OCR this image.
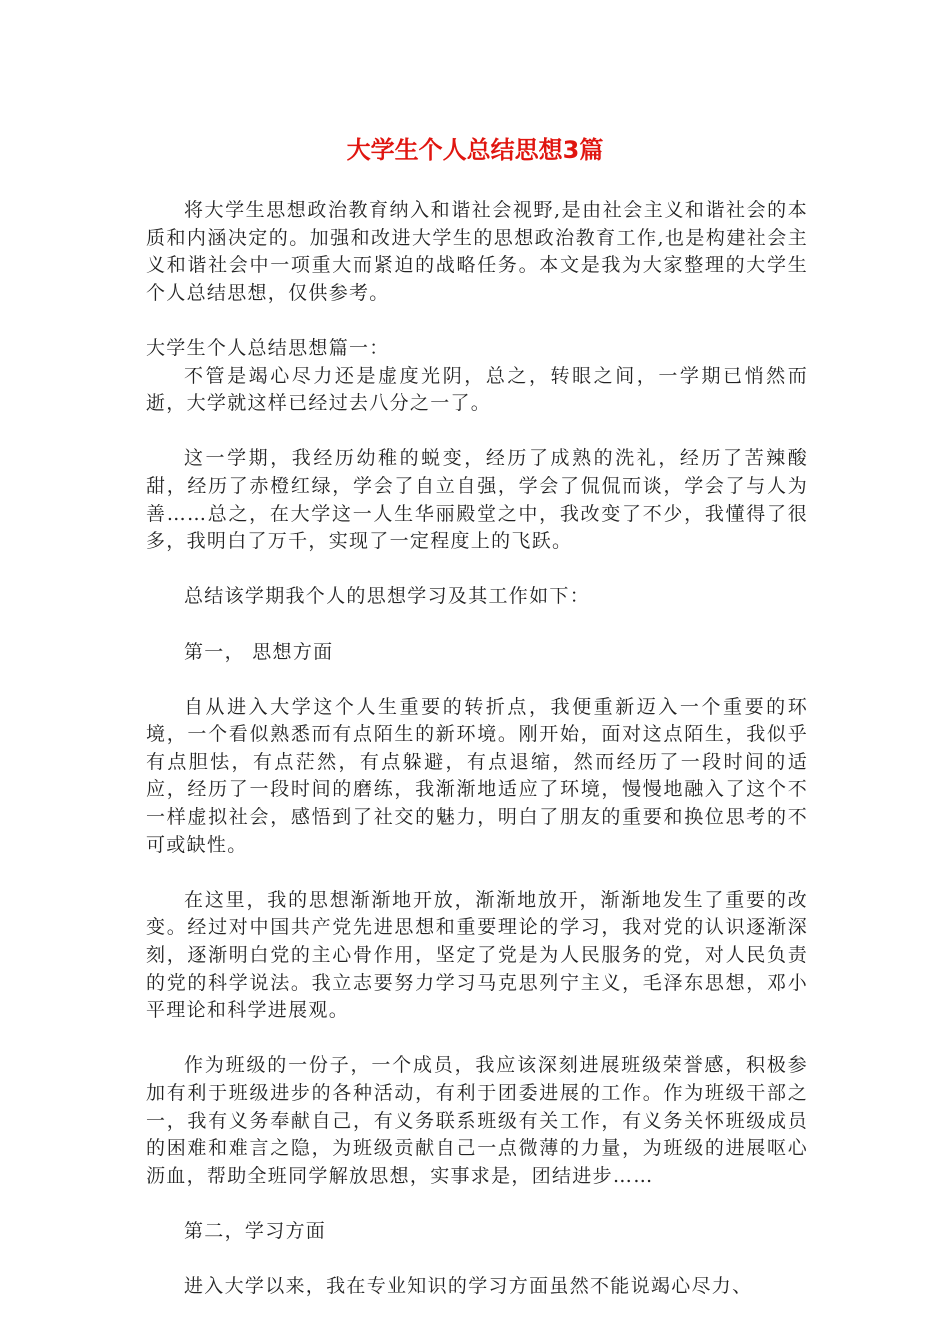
大学生个人总结思想3篇

将大学生思想政治教育纳入和谐社会视野,是由社会主义和谐社会的本质和内涵决定的。加强和改进大学生的思想政治教育工作,也是构建社会主义和谐社会中一项重大而紧迫的战略任务。本文是我为大家整理的大学生个人总结思想，仅供参考。

大学生个人总结思想篇一：

不管是竭心尽力还是虚度光阴，总之，转眼之间，一学期已悄然而逝，大学就这样已经过去八分之一了。

这一学期，我经历幼稚的蜕变，经历了成熟的洗礼，经历了苦辣酸甜，经历了赤橙红绿，学会了自立自强，学会了侃侃而谈，学会了与人为善……总之，在大学这一人生华丽殿堂之中，我改变了不少，我懂得了很多，我明白了万千，实现了一定程度上的飞跃。

总结该学期我个人的思想学习及其工作如下：

第一， 思想方面

自从进入大学这个人生重要的转折点，我便重新迈入一个重要的环境，一个看似熟悉而有点陌生的新环境。刚开始，面对这点陌生，我似乎有点胆怯，有点茫然，有点躲避，有点退缩，然而经历了一段时间的适应，经历了一段时间的磨练，我渐渐地适应了环境，慢慢地融入了这个不一样虚拟社会，感悟到了社交的魅力，明白了朋友的重要和换位思考的不可或缺性。

在这里，我的思想渐渐地开放，渐渐地放开，渐渐地发生了重要的改变。经过对中国共产党先进思想和重要理论的学习，我对党的认识逐渐深刻，逐渐明白党的主心骨作用，坚定了党是为人民服务的党，对人民负责的党的科学说法。我立志要努力学习马克思列宁主义，毛泽东思想，邓小平理论和科学进展观。

作为班级的一份子，一个成员，我应该深刻进展班级荣誉感，积极参加有利于班级进步的各种活动，有利于团委进展的工作。作为班级干部之一，我有义务奉献自己，有义务联系班级有关工作，有义务关怀班级成员的困难和难言之隐，为班级贡献自己一点微薄的力量，为班级的进展呕心沥血，帮助全班同学解放思想，实事求是，团结进步……

第二，学习方面

进入大学以来，我在专业知识的学习方面虽然不能说竭心尽力、
